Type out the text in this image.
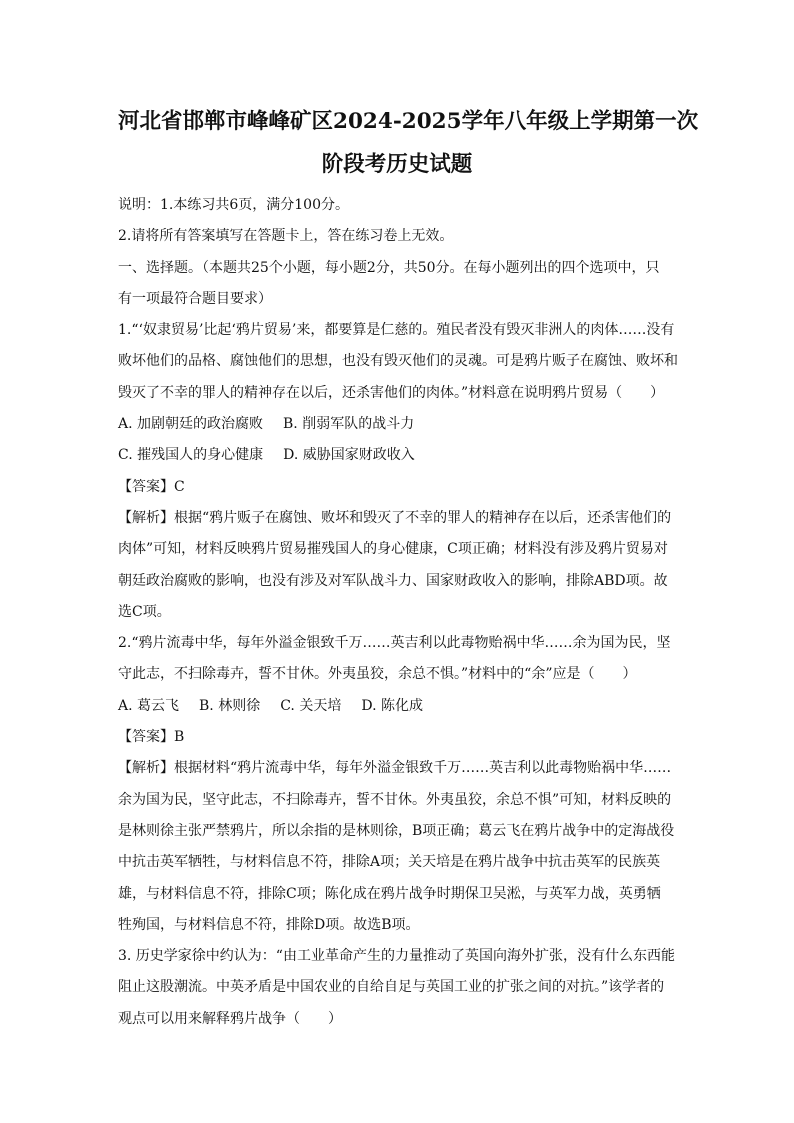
河北省邯郸市峰峰矿区2024-2025学年八年级上学期第一次
阶段考历史试题

说明：1.本练习共6页，满分100分。

2.请将所有答案填写在答题卡上，答在练习卷上无效。

一、选择题。（本题共25个小题，每小题2分，共50分。在每小题列出的四个选项中，只

有一项最符合题目要求）

1.“‘奴隶贸易’比起‘鸦片贸易’来，都要算是仁慈的。殖民者没有毁灭非洲人的肉体……没有

败坏他们的品格、腐蚀他们的思想，也没有毁灭他们的灵魂。可是鸦片贩子在腐蚀、败坏和

毁灭了不幸的罪人的精神存在以后，还杀害他们的肉体。”材料意在说明鸦片贸易（　　）

A. 加剧朝廷的政治腐败 B. 削弱军队的战斗力

C. 摧残国人的身心健康 D. 威胁国家财政收入

【答案】C

【解析】根据“鸦片贩子在腐蚀、败坏和毁灭了不幸的罪人的精神存在以后，还杀害他们的

肉体”可知，材料反映鸦片贸易摧残国人的身心健康，C项正确；材料没有涉及鸦片贸易对

朝廷政治腐败的影响，也没有涉及对军队战斗力、国家财政收入的影响，排除ABD项。故

选C项。

2.“鸦片流毒中华，每年外溢金银致千万……英吉利以此毒物贻祸中华……余为国为民，坚

守此志，不扫除毒卉，誓不甘休。外夷虽狡，余总不惧。”材料中的“余”应是（　　）

A. 葛云飞 B. 林则徐 C. 关天培 D. 陈化成

【答案】B

【解析】根据材料“鸦片流毒中华，每年外溢金银致千万……英吉利以此毒物贻祸中华……

余为国为民，坚守此志，不扫除毒卉，誓不甘休。外夷虽狡，余总不惧”可知，材料反映的

是林则徐主张严禁鸦片，所以余指的是林则徐，B项正确；葛云飞在鸦片战争中的定海战役

中抗击英军牺牲，与材料信息不符，排除A项；关天培是在鸦片战争中抗击英军的民族英

雄，与材料信息不符，排除C项；陈化成在鸦片战争时期保卫吴淞，与英军力战，英勇牺

牲殉国，与材料信息不符，排除D项。故选B项。

3. 历史学家徐中约认为：“由工业革命产生的力量推动了英国向海外扩张，没有什么东西能

阻止这股潮流。中英矛盾是中国农业的自给自足与英国工业的扩张之间的对抗。”该学者的

观点可以用来解释鸦片战争（　　）
